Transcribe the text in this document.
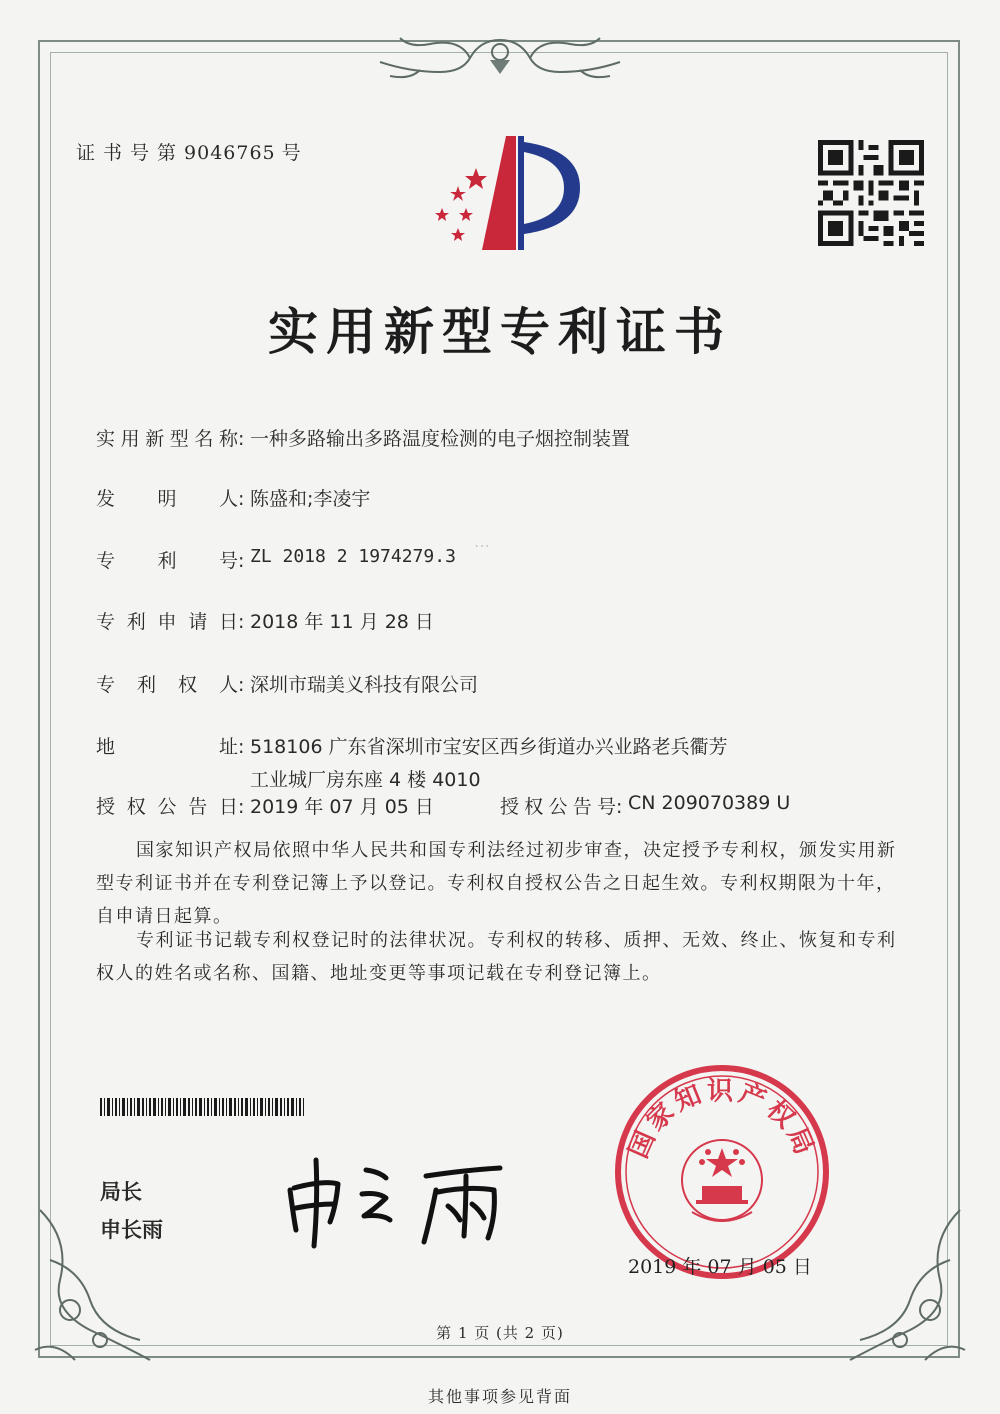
证书号第9046765 号
实用新型专利证书
实用新型名称: 一种多路输出多路温度检测的电子烟控制装置
发明人: 陈盛和;李凌宇
专利号: ZL 2018 2 1974279.3
⋯
专利申请日: 2018 年 11 月 28 日
专利权人: 深圳市瑞美义科技有限公司
地址: 518106 广东省深圳市宝安区西乡街道办兴业路老兵衢芳
工业城厂房东座 4 楼 4010
授权公告日: 2019 年 07 月 05 日	授权公告号: CN 209070389 U
国家知识产权局依照中华人民共和国专利法经过初步审查，决定授予专利权，颁发实用新型专利证书并在专利登记簿上予以登记。专利权自授权公告之日起生效。专利权期限为十年，自申请日起算。
专利证书记载专利权登记时的法律状况。专利权的转移、质押、无效、终止、恢复和专利权人的姓名或名称、国籍、地址变更等事项记载在专利登记簿上。
局长
申长雨
国家知识产权局
2019 年 07 月 05 日
第 1 页 (共 2 页)
其他事项参见背面
